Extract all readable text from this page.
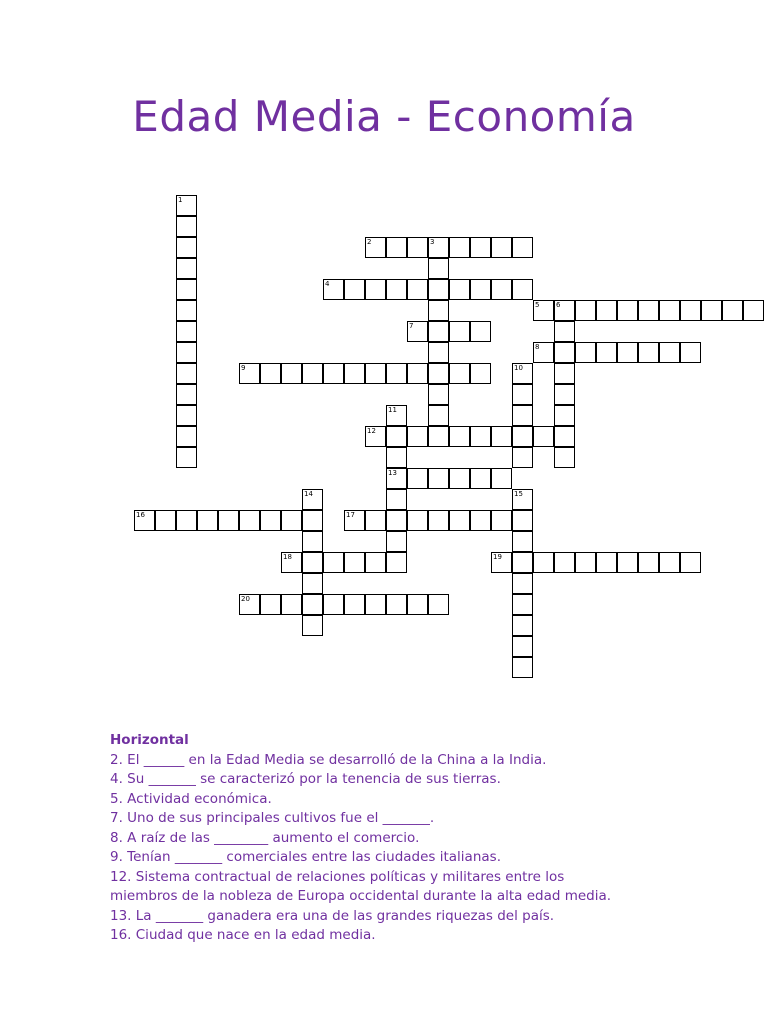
Edad Media - Economía
1
2	3
4
5 6
7
8
9	10
11
13
12
14	15
16	17
18	19
20

Horizontal

2. El ______ en la Edad Media se desarrolló de la China a la India.

4. Su _______ se caracterizó por la tenencia de sus tierras.

5. Actividad económica.

7. Uno de sus principales cultivos fue el _______.

8. A raíz de las ________ aumento el comercio.

9. Tenían _______ comerciales entre las ciudades italianas.

12. Sistema contractual de relaciones políticas y militares entre los miembros de la nobleza de Europa occidental durante la alta edad media.

13. La _______ ganadera era una de las grandes riquezas del país.

16. Ciudad que nace en la edad media.
